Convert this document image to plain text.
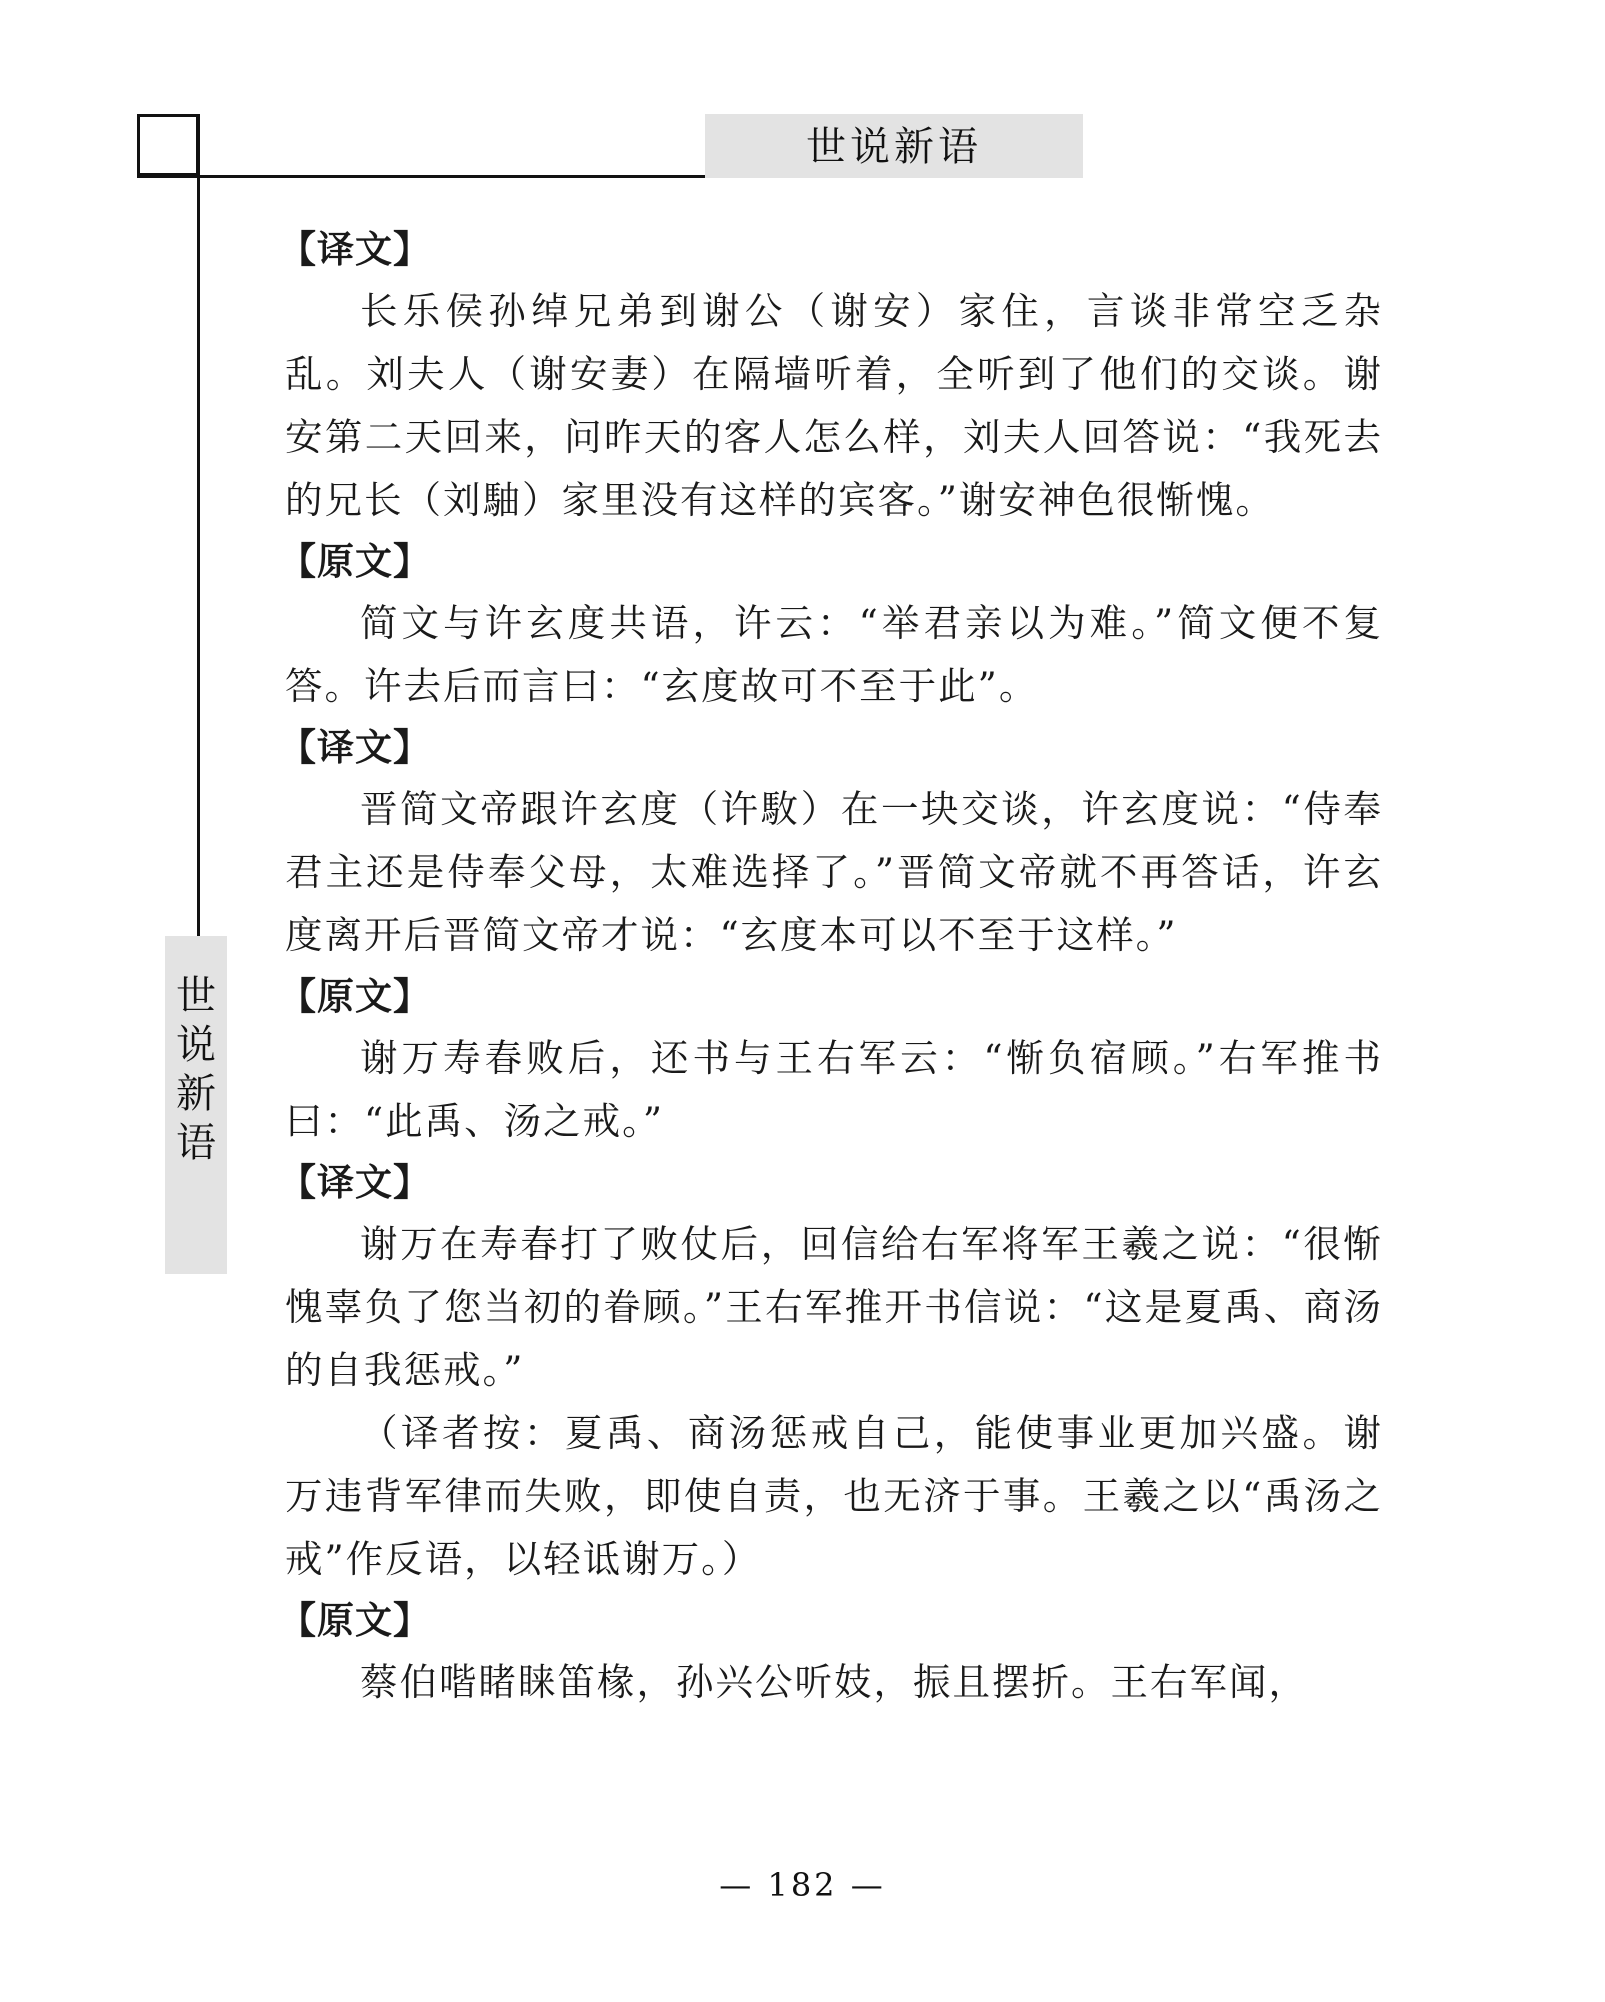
世说新语
世
说
新
语
【译文】

长乐侯孙绰兄弟到谢公（谢安）家住，言谈非常空乏杂乱。刘夫人（谢安妻）在隔墙听着，全听到了他们的交谈。谢安第二天回来，问昨天的客人怎么样，刘夫人回答说：“我死去的兄长（刘駎）家里没有这样的宾客。”谢安神色很惭愧。

【原文】

简文与许玄度共语，许云：“举君亲以为难。”简文便不复答。许去后而言曰：“玄度故可不至于此”。

【译文】

晋简文帝跟许玄度（许駇）在一块交谈，许玄度说：“侍奉君主还是侍奉父母，太难选择了。”晋简文帝就不再答话，许玄度离开后晋简文帝才说：“玄度本可以不至于这样。”

【原文】

谢万寿春败后，还书与王右军云：“惭负宿顾。”右军推书曰：“此禹、汤之戒。”

【译文】

谢万在寿春打了败仗后，回信给右军将军王羲之说：“很惭愧辜负了您当初的眷顾。”王右军推开书信说：“这是夏禹、商汤的自我惩戒。”

（译者按：夏禹、商汤惩戒自己，能使事业更加兴盛。谢万违背军律而失败，即使自责，也无济于事。王羲之以“禹汤之戒”作反语，以轻诋谢万。）

【原文】

蔡伯喈睹睐笛椽，孙兴公听妓，振且摆折。王右军闻，

— 182 —
